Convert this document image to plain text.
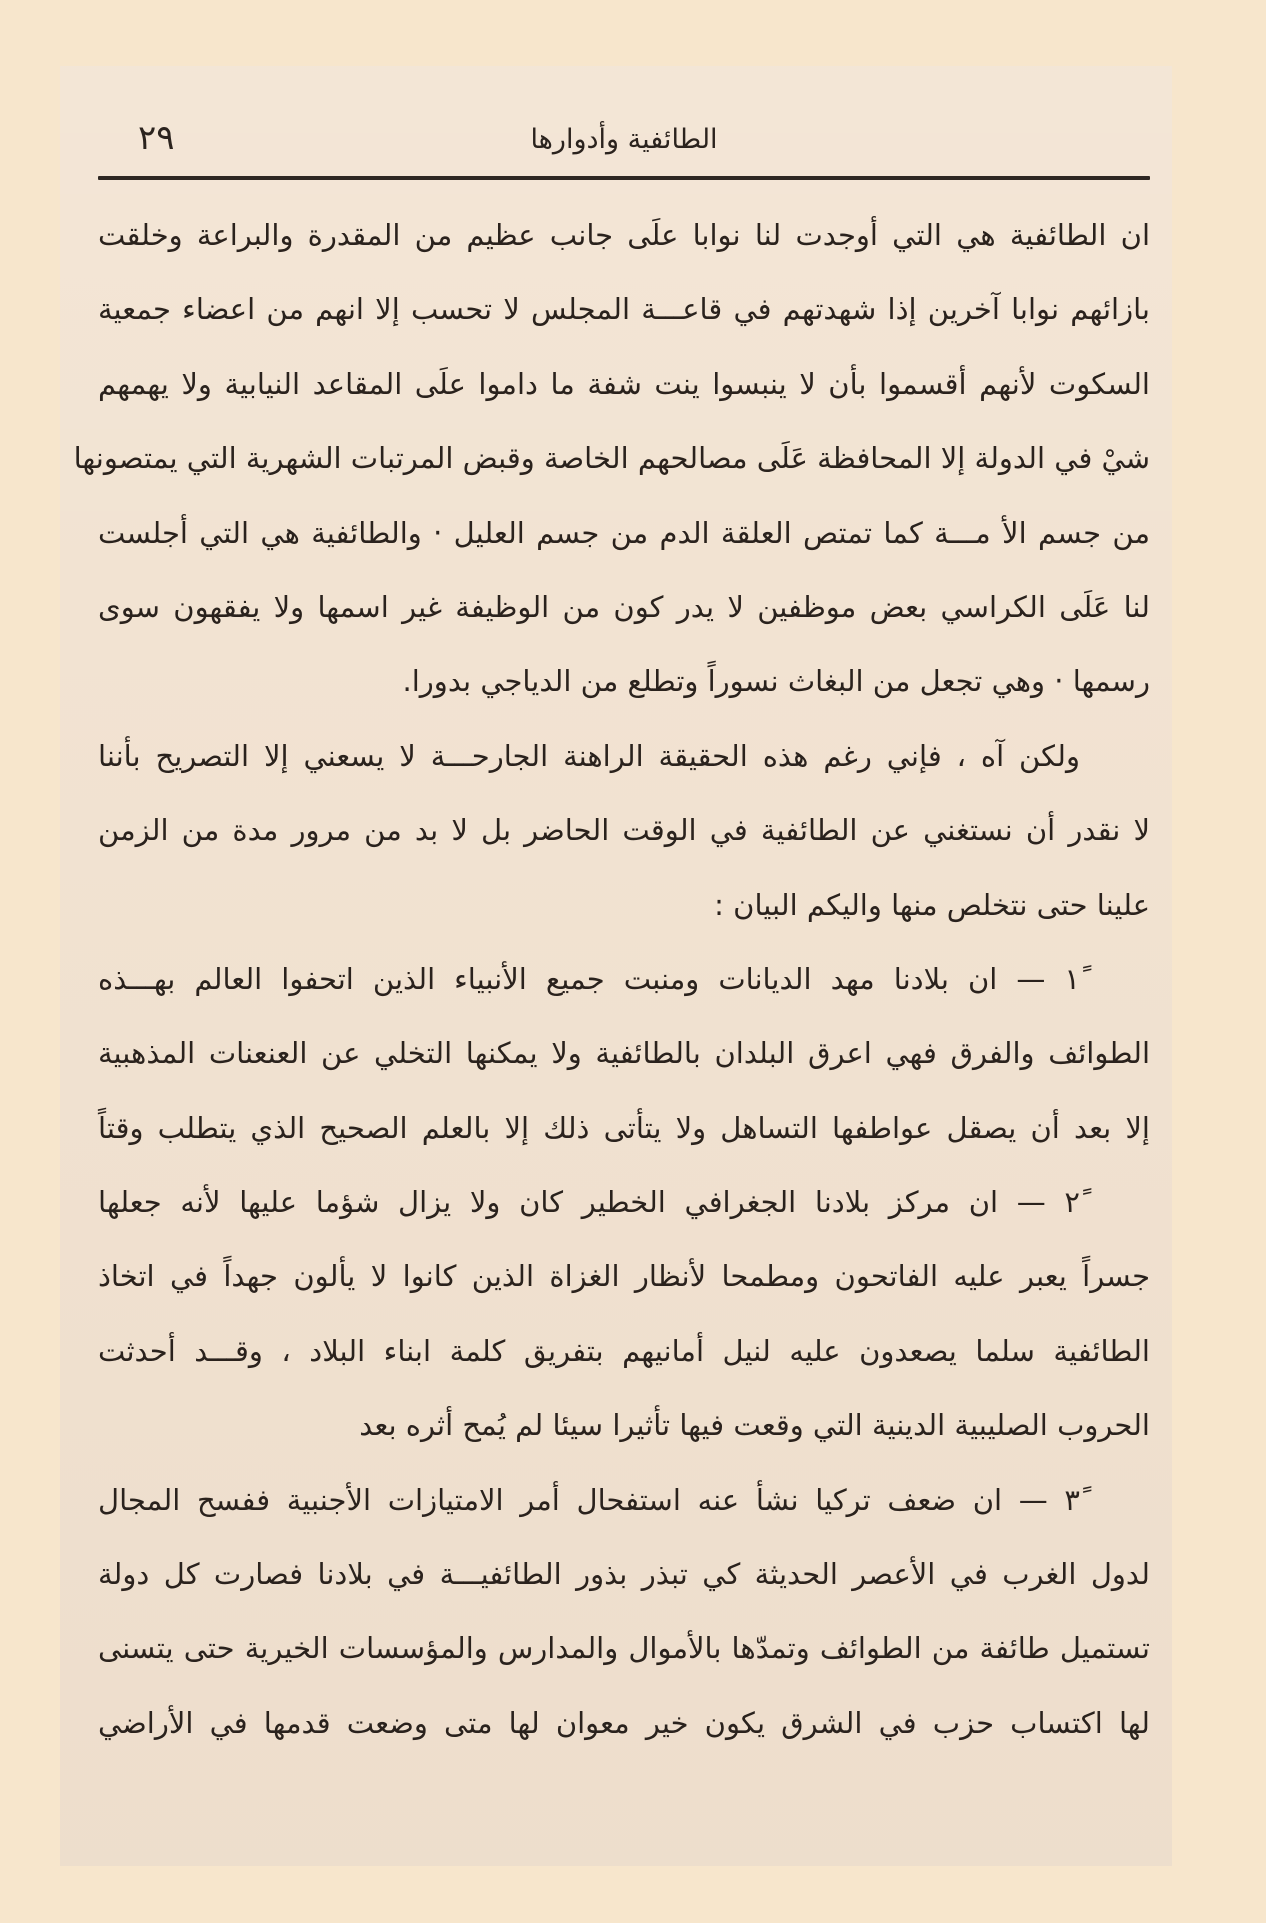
الطائفية وأدوارها
٢٩
ان الطائفية هي التي أوجدت لنا نوابا علَى جانب عظيم من المقدرة والبراعة وخلقت
بازائهم نوابا آخرين إذا شهدتهم في قاعـــة المجلس لا تحسب إلا انهم من اعضاء جمعية
السكوت لأنهم أقسموا بأن لا ينبسوا ينت شفة ما داموا علَى المقاعد النيابية ولا يهمهم
شيْ في الدولة إلا المحافظة عَلَى مصالحهم الخاصة وقبض المرتبات الشهرية التي يمتصونها
من جسم الأ مـــة كما تمتص العلقة الدم من جسم العليل · والطائفية هي التي أجلست
لنا عَلَى الكراسي بعض موظفين لا يدر كون من الوظيفة غير اسمها ولا يفقهون سوى
رسمها · وهي تجعل من البغاث نسوراً وتطلع من الدياجي بدورا.
ولكن آه ، فإني رغم هذه الحقيقة الراهنة الجارحـــة لا يسعني إلا التصريح بأننا
لا نقدر أن نستغني عن الطائفية في الوقت الحاضر بل لا بد من مرور مدة من الزمن
علينا حتى نتخلص منها واليكم البيان :
١ً — ان بلادنا مهد الديانات ومنبت جميع الأنبياء الذين اتحفوا العالم بهـــذه
الطوائف والفرق فهي اعرق البلدان بالطائفية ولا يمكنها التخلي عن العنعنات المذهبية
إلا بعد أن يصقل عواطفها التساهل ولا يتأتى ذلك إلا بالعلم الصحيح الذي يتطلب وقتاً
٢ً — ان مركز بلادنا الجغرافي الخطير كان ولا يزال شؤما عليها لأنه جعلها
جسراً يعبر عليه الفاتحون ومطمحا لأنظار الغزاة الذين كانوا لا يألون جهداً في اتخاذ
الطائفية سلما يصعدون عليه لنيل أمانيهم بتفريق كلمة ابناء البلاد ، وقـــد أحدثت
الحروب الصليبية الدينية التي وقعت فيها تأثيرا سيئا لم يُمح أثره بعد
٣ً — ان ضعف تركيا نشأ عنه استفحال أمر الامتيازات الأجنبية ففسح المجال
لدول الغرب في الأعصر الحديثة كي تبذر بذور الطائفيـــة في بلادنا فصارت كل دولة
تستميل طائفة من الطوائف وتمدّها بالأموال والمدارس والمؤسسات الخيرية حتى يتسنى
لها اكتساب حزب في الشرق يكون خير معوان لها متى وضعت قدمها في الأراضي
